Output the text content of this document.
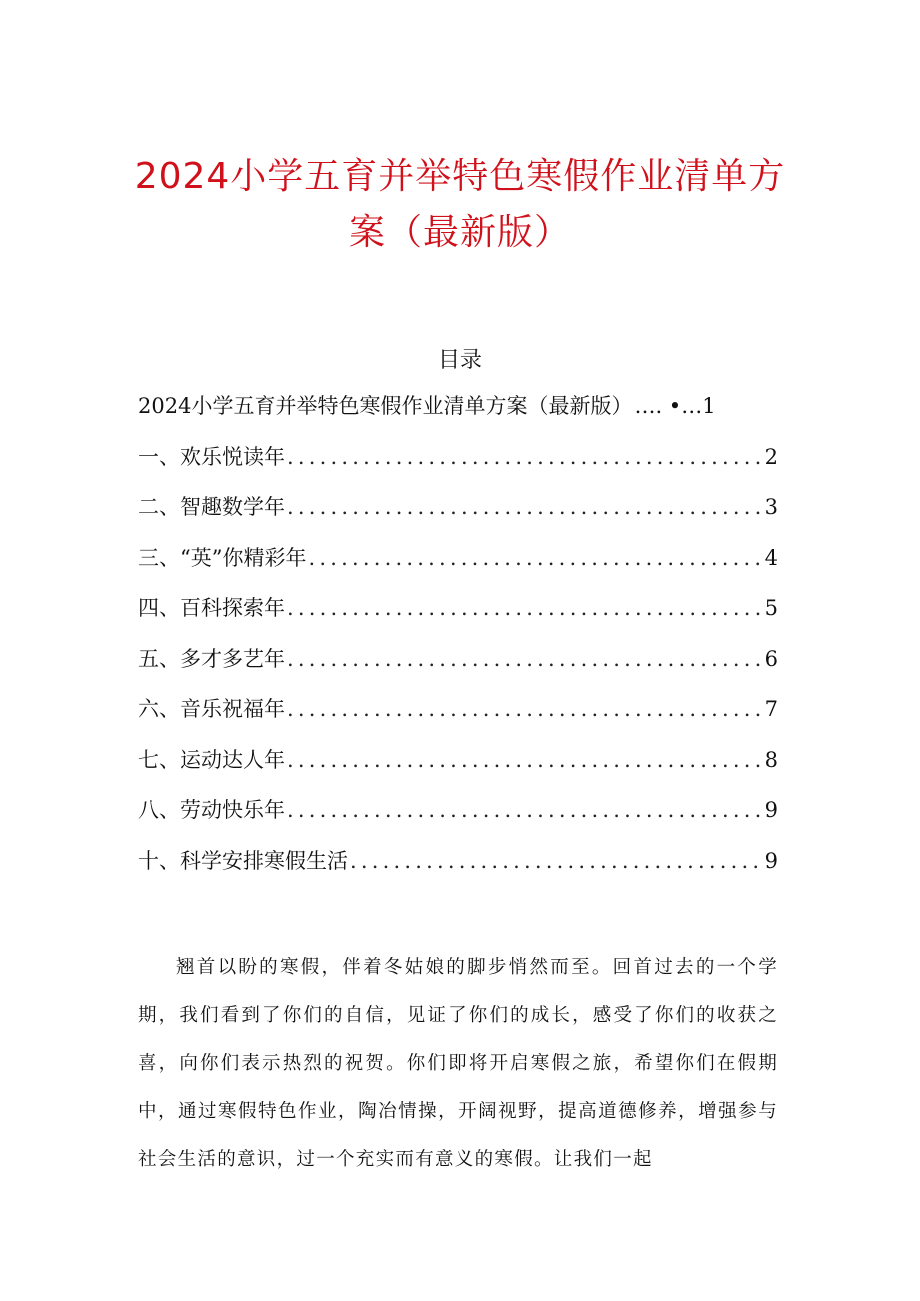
2024小学五育并举特色寒假作业清单方
案（最新版）
目录
2024小学五育并举特色寒假作业清单方案（最新版） …. •… 1
一、欢乐悦读年 .....	2
二、智趣数学年 .....	3
三、“英”你精彩年 .....	4
四、百科探索年 .....	5
五、多才多艺年 .....	6
六、音乐祝福年 .....	7
七、运动达人年 .....	8
八、劳动快乐年 .....	9
十、科学安排寒假生活 .....	9

翘首以盼的寒假，伴着冬姑娘的脚步悄然而至。回首过去的一个学期，我们看到了你们的自信，见证了你们的成长，感受了你们的收获之喜，向你们表示热烈的祝贺。你们即将开启寒假之旅，希望你们在假期中，通过寒假特色作业，陶冶情操，开阔视野，提高道德修养，增强参与社会生活的意识，过一个充实而有意义的寒假。让我们一起
